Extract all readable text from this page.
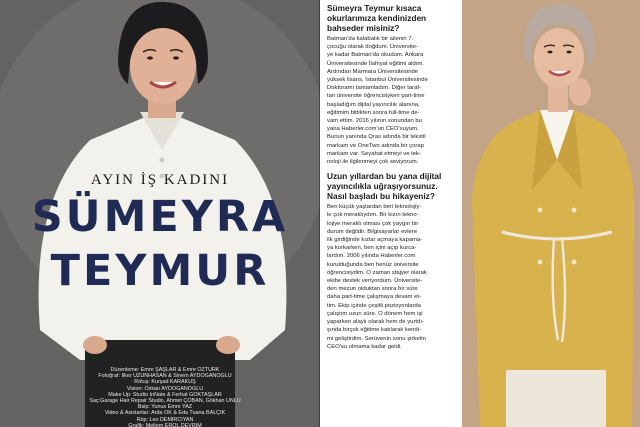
AYIN İŞ KADINI
SÜMEYRA
TEYMUR
Düzenleme: Emre ŞAŞLAR & Emre ÖZTÜRK
Fotoğraf: İlker UZUNHASAN & Sinem AYDOĞANOĞLU
Rötuş: Kurşad KARAKUŞ
Vision: Özkan AYDOĞANOĞLU
Make Up: Studio InNate & Ferhat GÖKTAŞLAR
Saç:Garage Hair Repair Studio, Ahmet ÇOBAN, Gökhan ÜNLÜ
Bsip: Yunus Emre YAZ
Video & Asistanlar: Arda OK & Eda Tuana BALÇIK
Röp: Leo DEMİRCİYAN
Grafik: Meltem EROL DEVRİM
Sümeyra Teymur kısaca
okurlarımıza kendinizden
bahseder misiniz?

Batman'da kalabalık bir ailenin 7.

çocuğu olarak doğdum. Üniversite-

ye kadar Batman'da okudum. Ankara

Üniversitesinde İlahiyat eğitimi aldım.

Ardından Marmara Üniversitesinde

yüksek lisans, İstanbul Üniversitesinde

Doktoramı tamamladım. Diğer taraf-

tan üniversite öğrencisiyken part-time

başladığım dijital yayıncılık alanına,

eğitimim bittikten sonra full-time de-

vam ettim. 2016 yılının sonundan bu

yana Haberler.com'un CEO'suyum.

Bunun yanında Qras adında bir tekstil

markam ve OneTwo adında bir çorap

markam var. Seyahat etmeyi ve tek-

noloji ile ilgilenmeyi çok seviyorum.

Uzun yıllardan bu yana dijital
yayıncılıkla uğraşıyorsunuz.
Nasıl başladı bu hikayeniz?

Ben küçük yaşlardan beri teknolojiy-

le çok meraklıydım. Bir kızın tekno-

lojiye meraklı olması çok yaygın bir

durum değildir. Bilgisayarlar evlere

ilk girdiğinde kızlar açmaya kapama-

ya korkarken, ben içini açıp kurca-

lardım. 2006 yılında Haberler.com

kurulduğunda ben henüz üniversite

öğrencisiydim. O zaman stajyer olarak

ekibe destek veriyordum. Üniversite-

den mezun olduktan sonra bir süre

daha part-time çalışmaya devam et-

tim. Ekip içinde çeşitli pozisyonlarda

çalıştım uzun süre. O dönem hem işi

yaparken alaylı olarak hem de yurtdı-

şında birçok eğitime katılarak kendi-

mi geliştirdim. Serüvenin sonu şirketin

CEO'su olmama kadar geldi.
